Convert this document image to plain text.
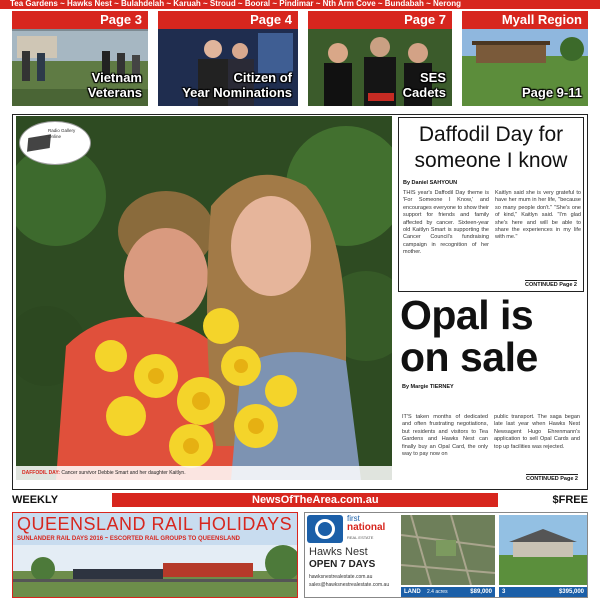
Tea Gardens ~ Hawks Nest ~ Bulahdelah ~ Karuah ~ Stroud ~ Booral ~ Pindimar ~ Nth Arm Cove ~ Bundabah ~ Nerong
Page 3
Vietnam
Veterans
Page 4
Citizen of
Year Nominations
Page 7
SES
Cadets
Myall Region
Page 9-11
DAFFODIL DAY: Cancer survivor Debbie Smart and her daughter Kaitlyn.
Radio Gallery Online	Daffodil Day for
someone I know
By Daniel SAHYOUN
THIS year's Daffodil Day theme is 'For Someone I Know,' and encourages everyone to show their support for friends and family affected by cancer. Sixteen-year old Kaitlyn Smart is supporting the Cancer Council's fundraising campaign in recognition of her mother.
Kaitlyn said she is very grateful to have her mum in her life, "because so many people don't." "She's one of kind," Kaitlyn said. "I'm glad she's here and will be able to share the experiences in my life with me."
CONTINUED Page 2
Opal is
on sale
By Margie TIERNEY
IT'S taken months of dedicated and often frustrating negotiations, but residents and visitors to Tea Gardens and Hawks Nest can finally buy an Opal Card, the only way to pay now on
public transport. The saga began late last year when Hawks Nest Newsagent Hugo Ehrenmann's application to sell Opal Cards and top up facilities was rejected.
CONTINUED Page 2
NewsOfTheArea.com.au
WEEKLY	$FREE
QUEENSLAND RAIL HOLIDAYS
SUNLANDER RAIL DAYS 2016 ~ ESCORTED RAIL GROUPS TO QUEENSLAND
first
national
REAL ESTATE
Hawks Nest
OPEN 7 DAYS
hawksnestrealestate.com.au
sales@hawksnestrealestate.com.au
LAND 2.4 acres	$89,000 3	$395,000
